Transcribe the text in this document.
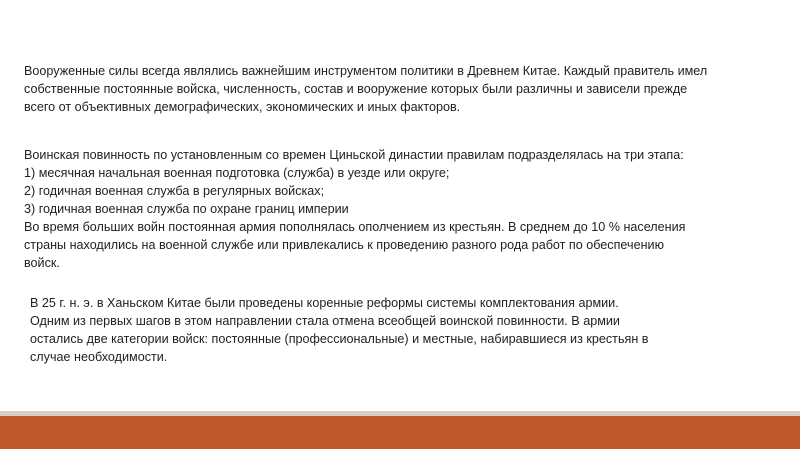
Вооруженные силы всегда являлись важнейшим инструментом политики в Древнем Китае. Каждый правитель имел
собственные постоянные войска, численность, состав и вооружение которых были различны и зависели прежде
всего от объективных демографических, экономических и иных факторов.

Воинская повинность по установленным со времен Циньской династии правилам подразделялась на три этапа:
1) месячная начальная военная подготовка (служба) в уезде или округе;
2) годичная военная служба в регулярных войсках;
3) годичная военная служба по охране границ империи
Во время больших войн постоянная армия пополнялась ополчением из крестьян. В среднем до 10 % населения
страны находились на военной службе или привлекались к проведению разного рода работ по обеспечению
войск.

В 25 г. н. э. в Ханьском Китае были проведены коренные реформы системы комплектования армии.
Одним из первых шагов в этом направлении стала отмена всеобщей воинской повинности. В армии
остались две категории войск: постоянные (профессиональные) и местные, набиравшиеся из крестьян в
случае необходимости.
